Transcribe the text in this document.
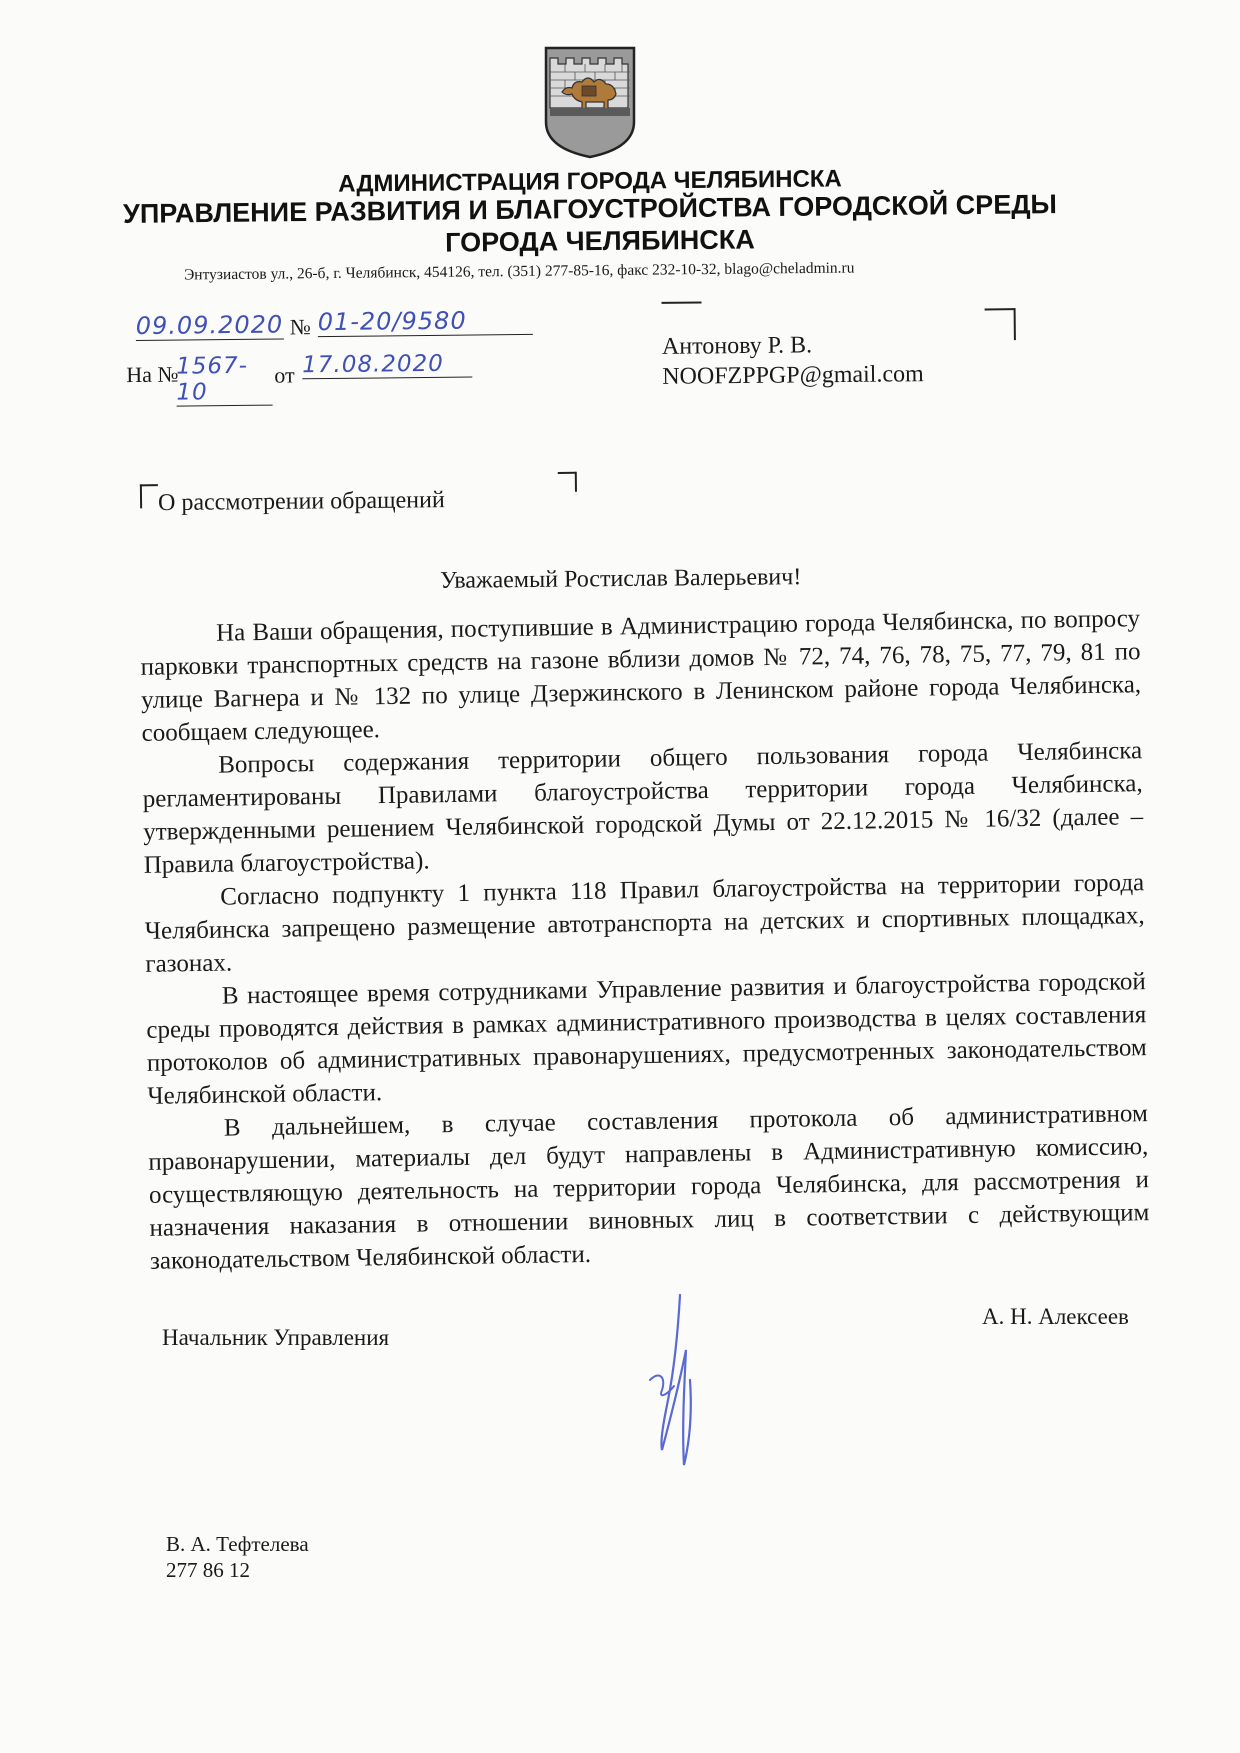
АДМИНИСТРАЦИЯ ГОРОДА ЧЕЛЯБИНСКА
УПРАВЛЕНИЕ РАЗВИТИЯ И БЛАГОУСТРОЙСТВА ГОРОДСКОЙ СРЕДЫ
ГОРОДА ЧЕЛЯБИНСКА
Энтузиастов ул., 26-б, г. Челябинск, 454126, тел. (351) 277-85-16, факс 232-10-32, blago@cheladmin.ru
09.09.2020 № 01-20/9580
На №
1567-10
от 17.08.2020
Антонову Р. В.
NOOFZPPGP@gmail.com
О рассмотрении обращений
Уважаемый Ростислав Валерьевич!

На Ваши обращения, поступившие в Администрацию города Челябинска, по вопросу парковки транспортных средств на газоне вблизи домов № 72, 74, 76, 78, 75, 77, 79, 81 по улице Вагнера и № 132 по улице Дзержинского в Ленинском районе города Челябинска, сообщаем следующее.

Вопросы содержания территории общего пользования города Челябинска регламентированы Правилами благоустройства территории города Челябинска, утвержденными решением Челябинской городской Думы от 22.12.2015 № 16/32 (далее – Правила благоустройства).

Согласно подпункту 1 пункта 118 Правил благоустройства на территории города Челябинска запрещено размещение автотранспорта на детских и спортивных площадках, газонах.

В настоящее время сотрудниками Управление развития и благоустройства городской среды проводятся действия в рамках административного производства в целях составления протоколов об административных правонарушениях, предусмотренных законодательством Челябинской области.

В дальнейшем, в случае составления протокола об административном правонарушении, материалы дел будут направлены в Административную комиссию, осуществляющую деятельность на территории города Челябинска, для рассмотрения и назначения наказания в отношении виновных лиц в соответствии с действующим законодательством Челябинской области.

Начальник Управления
А. Н. Алексеев
В. А. Тефтелева
277 86 12
